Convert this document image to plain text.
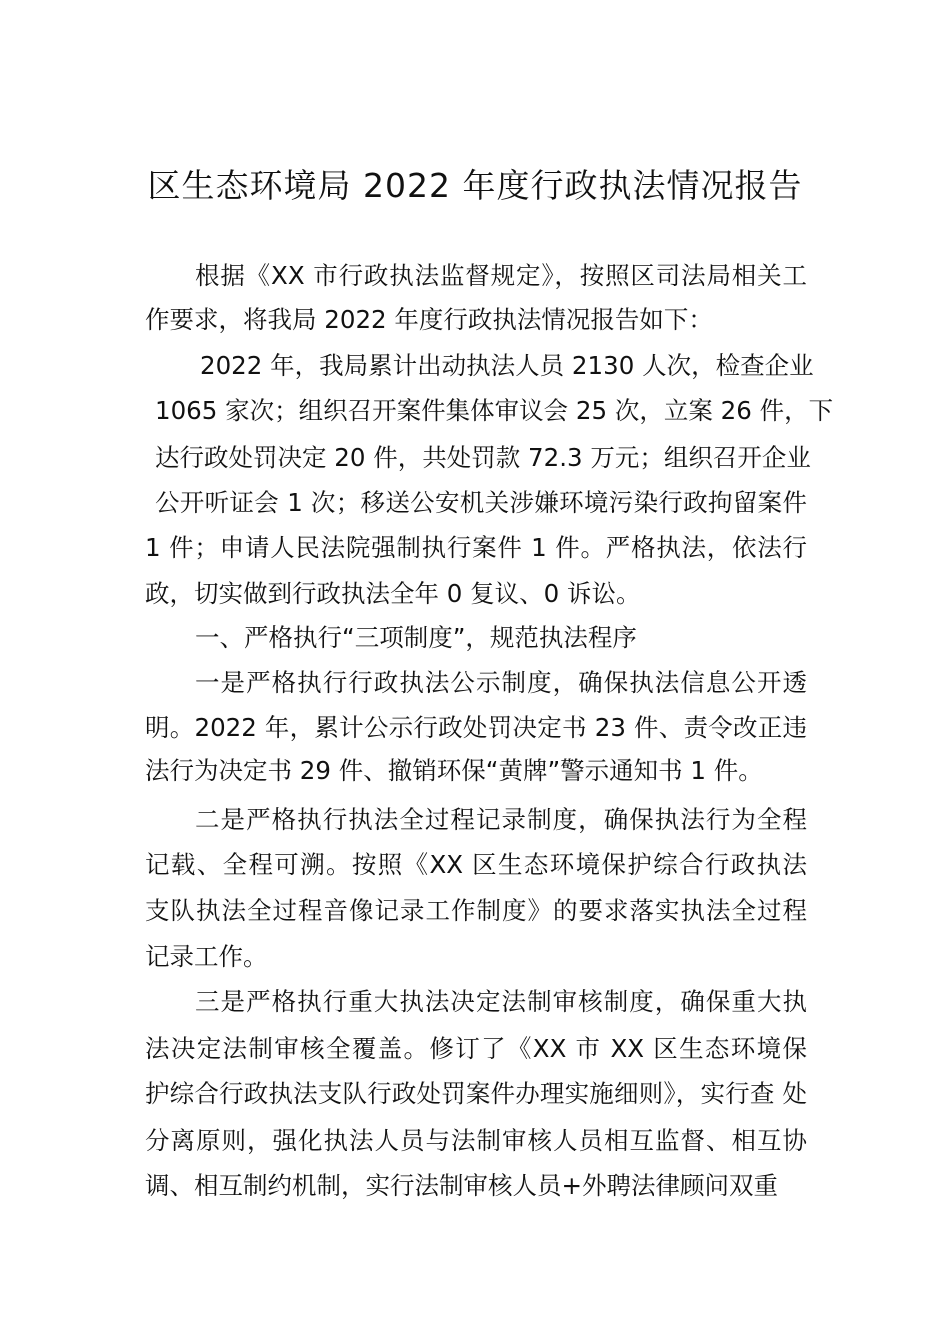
区生态环境局 2022 年度行政执法情况报告
根据《XX 市行政执法监督规定》，按照区司法局相关工
作要求，将我局 2022 年度行政执法情况报告如下：
2022 年，我局累计出动执法人员 2130 人次，检查企业
1065 家次；组织召开案件集体审议会 25 次，立案 26 件，下
达行政处罚决定 20 件，共处罚款 72.3 万元；组织召开企业
公开听证会 1 次；移送公安机关涉嫌环境污染行政拘留案件
1 件；申请人民法院强制执行案件 1 件。严格执法，依法行
政，切实做到行政执法全年 0 复议、0 诉讼。
一、严格执行“三项制度”，规范执法程序
一是严格执行行政执法公示制度，确保执法信息公开透
明。2022 年，累计公示行政处罚决定书 23 件、责令改正违
法行为决定书 29 件、撤销环保“黄牌”警示通知书 1 件。
二是严格执行执法全过程记录制度，确保执法行为全程
记载、全程可溯。按照《XX 区生态环境保护综合行政执法
支队执法全过程音像记录工作制度》的要求落实执法全过程
记录工作。
三是严格执行重大执法决定法制审核制度，确保重大执
法决定法制审核全覆盖。修订了《XX 市 XX 区生态环境保
护综合行政执法支队行政处罚案件办理实施细则》，实行查 处
分离原则，强化执法人员与法制审核人员相互监督、相互协
调、相互制约机制，实行法制审核人员+外聘法律顾问双重
